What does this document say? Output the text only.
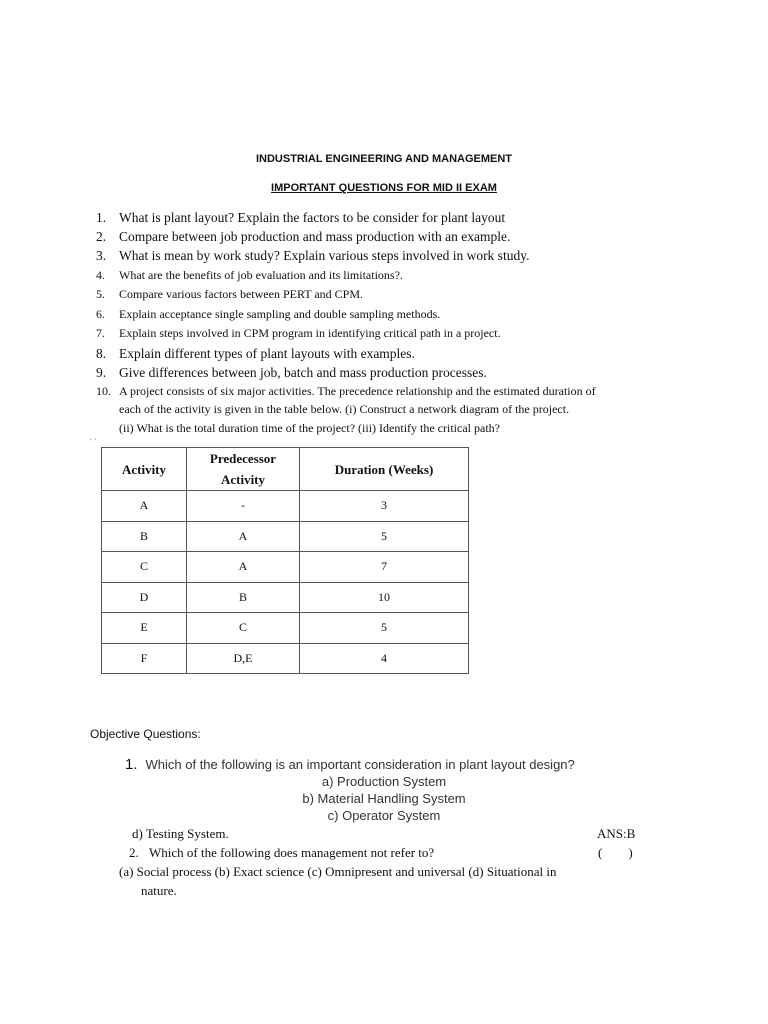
INDUSTRIAL ENGINEERING AND MANAGEMENT
IMPORTANT QUESTIONS FOR MID II EXAM
1. What is plant layout? Explain the factors to be consider for plant layout
2. Compare between job production and mass production with an example.
3. What is mean by work study? Explain various steps involved in work study.
4. What are the benefits of job evaluation and its limitations?.
5. Compare various factors between PERT and CPM.
6. Explain acceptance single sampling and double sampling methods.
7. Explain steps involved in CPM program in identifying critical path in a project.
8. Explain different types of plant layouts with examples.
9. Give differences between job, batch and mass production processes.
10. A project consists of six major activities. The precedence relationship and the estimated duration of
each of the activity is given in the table below. (i) Construct a network diagram of the project.
(ii) What is the total duration time of the project? (iii) Identify the critical path?
' `
Activity	Predecessor Activity	Duration (Weeks)
A	-	3
B	A	5
C	A	7
D	B	10
E	C	5
F	D,E	4
Objective Questions:
1. Which of the following is an important consideration in plant layout design?
a) Production System
b) Material Handling System
c) Operator System
d) Testing System.	ANS:B
2. Which of the following does management not refer to?	(        )
(a) Social process (b) Exact science (c) Omnipresent and universal (d) Situational in
nature.
